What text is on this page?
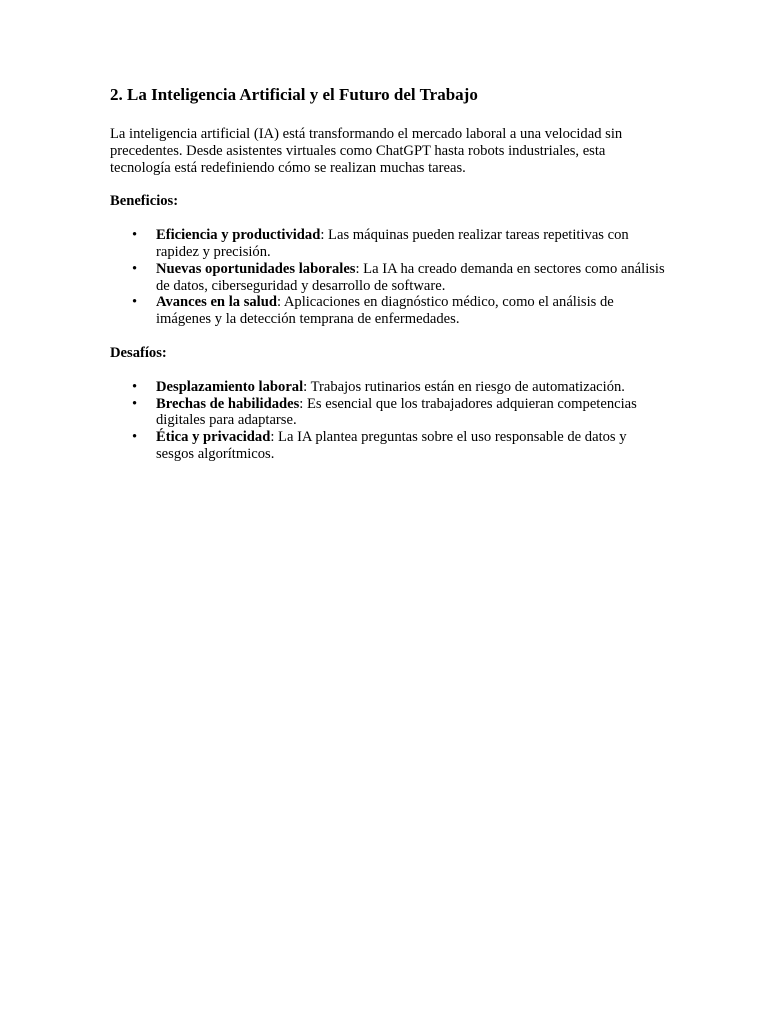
2. La Inteligencia Artificial y el Futuro del Trabajo

La inteligencia artificial (IA) está transformando el mercado laboral a una velocidad sin precedentes. Desde asistentes virtuales como ChatGPT hasta robots industriales, esta tecnología está redefiniendo cómo se realizan muchas tareas.

Beneficios:
• Eficiencia y productividad: Las máquinas pueden realizar tareas repetitivas con rapidez y precisión.
• Nuevas oportunidades laborales: La IA ha creado demanda en sectores como análisis de datos, ciberseguridad y desarrollo de software.
• Avances en la salud: Aplicaciones en diagnóstico médico, como el análisis de imágenes y la detección temprana de enfermedades.
Desafíos:
• Desplazamiento laboral: Trabajos rutinarios están en riesgo de automatización.
• Brechas de habilidades: Es esencial que los trabajadores adquieran competencias digitales para adaptarse.
• Ética y privacidad: La IA plantea preguntas sobre el uso responsable de datos y sesgos algorítmicos.
